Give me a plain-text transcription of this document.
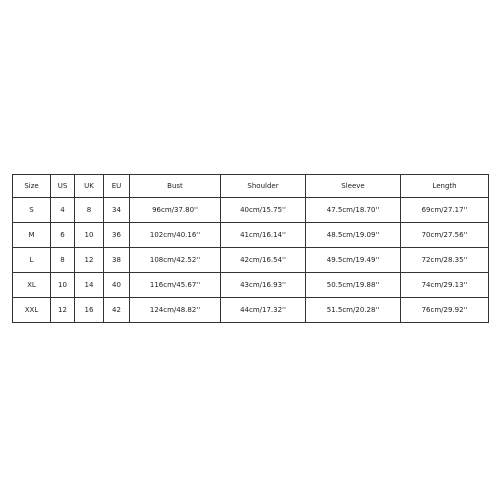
Size	US	UK	EU	Bust	Shoulder	Sleeve	Length
S	4	8	34	96cm/37.80''	40cm/15.75''	47.5cm/18.70''	69cm/27.17''
M	6	10	36	102cm/40.16''	41cm/16.14''	48.5cm/19.09''	70cm/27.56''
L	8	12	38	108cm/42.52''	42cm/16.54''	49.5cm/19.49''	72cm/28.35''
XL	10	14	40	116cm/45.67''	43cm/16.93''	50.5cm/19.88''	74cm/29.13''
XXL	12	16	42	124cm/48.82''	44cm/17.32''	51.5cm/20.28''	76cm/29.92''
